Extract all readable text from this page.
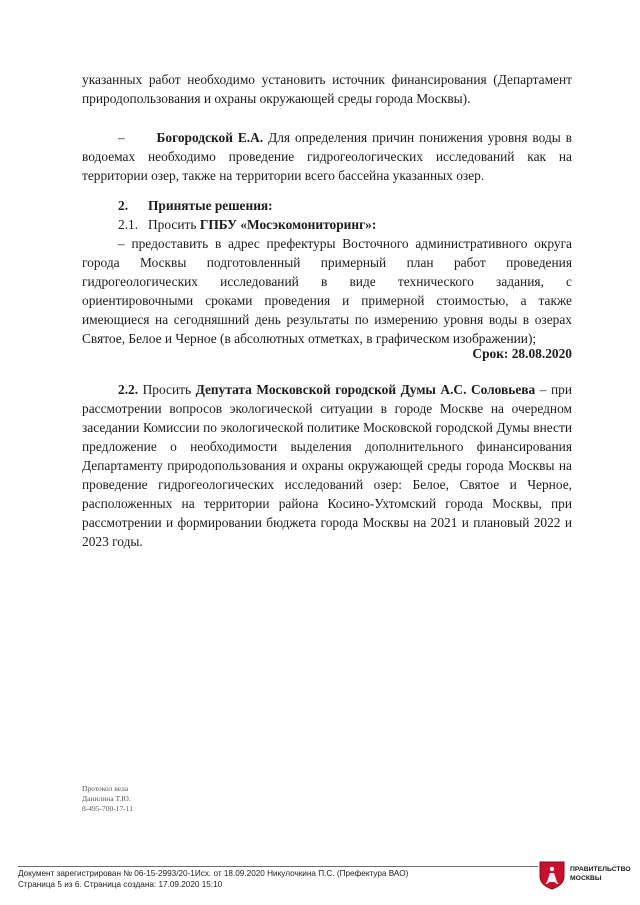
указанных работ необходимо установить источник финансирования (Департамент природопользования и охраны окружающей среды города Москвы).

– Богородской Е.А. Для определения причин понижения уровня воды в водоемах необходимо проведение гидрогеологических исследований как на территории озер, также на территории всего бассейна указанных озер.

2. Принятые решения:

2.1. Просить ГПБУ «Мосэкомониторинг»:

– предоставить в адрес префектуры Восточного административного округа города Москвы подготовленный примерный план работ проведения гидрогеологических исследований в виде технического задания, с ориентировочными сроками проведения и примерной стоимостью, а также имеющиеся на сегодняшний день результаты по измерению уровня воды в озерах Святое, Белое и Черное (в абсолютных отметках, в графическом изображении);

Срок: 28.08.2020

2.2. Просить Депутата Московской городской Думы А.С. Соловьева – при рассмотрении вопросов экологической ситуации в городе Москве на очередном заседании Комиссии по экологической политике Московской городской Думы внести предложение о необходимости выделения дополнительного финансирования Департаменту природопользования и охраны окружающей среды города Москвы на проведение гидрогеологических исследований озер: Белое, Святое и Черное, расположенных на территории района Косино-Ухтомский города Москвы, при рассмотрении и формировании бюджета города Москвы на 2021 и плановый 2022 и 2023 годы.

Протокол вела
Данилина Т.Ю.
8-495-700-17-11
Документ зарегистрирован № 06-15-2993/20-1Исх. от 18.09.2020 Никулочкина П.С. (Префектура ВАО)
Страница 5 из 6. Страница создана: 17.09.2020 15:10
ПРАВИТЕЛЬСТВО
МОСКВЫ
